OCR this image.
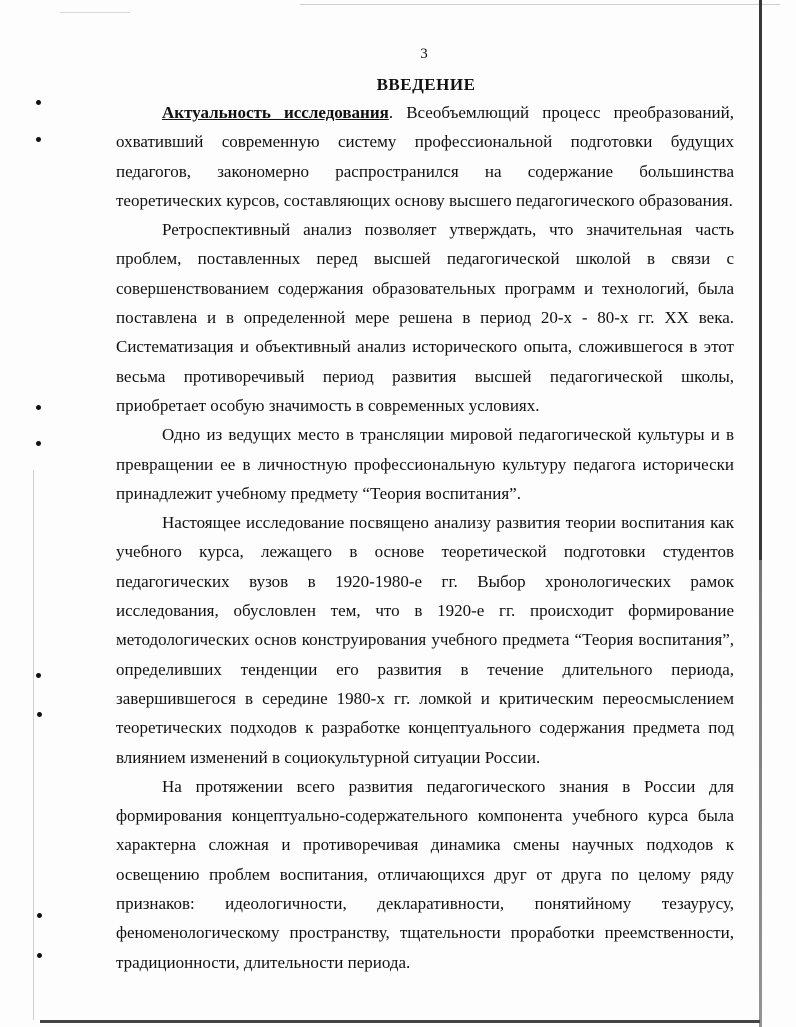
3
ВВЕДЕНИЕ

Актуальность исследования. Всеобъемлющий процесс преобразований, охвативший современную систему профессиональной подготовки будущих педагогов, закономерно распространился на содержание большинства теоретических курсов, составляющих основу высшего педагогического образования.

Ретроспективный анализ позволяет утверждать, что значительная часть проблем, поставленных перед высшей педагогической школой в связи с совершенствованием содержания образовательных программ и технологий, была поставлена и в определенной мере решена в период 20-х - 80-х гг. XX века. Систематизация и объективный анализ исторического опыта, сложившегося в этот весьма противоречивый период развития высшей педагогической школы, приобретает особую значимость в современных условиях.

Одно из ведущих место в трансляции мировой педагогической культуры и в превращении ее в личностную профессиональную культуру педагога исторически принадлежит учебному предмету “Теория воспитания”.

Настоящее исследование посвящено анализу развития теории воспитания как учебного курса, лежащего в основе теоретической подготовки студентов педагогических вузов в 1920-1980-е гг. Выбор хронологических рамок исследования, обусловлен тем, что в 1920-е гг. происходит формирование методологических основ конструирования учебного предмета “Теория воспитания”, определивших тенденции его развития в течение длительного периода, завершившегося в середине 1980-х гг. ломкой и критическим переосмыслением теоретических подходов к разработке концептуального содержания предмета под влиянием изменений в социокультурной ситуации России.

На протяжении всего развития педагогического знания в России для формирования концептуально-содержательного компонента учебного курса была характерна сложная и противоречивая динамика смены научных подходов к освещению проблем воспитания, отличающихся друг от друга по целому ряду признаков: идеологичности, декларативности, понятийному тезаурусу, феноменологическому пространству, тщательности проработки преемственности, традиционности, длительности периода.
